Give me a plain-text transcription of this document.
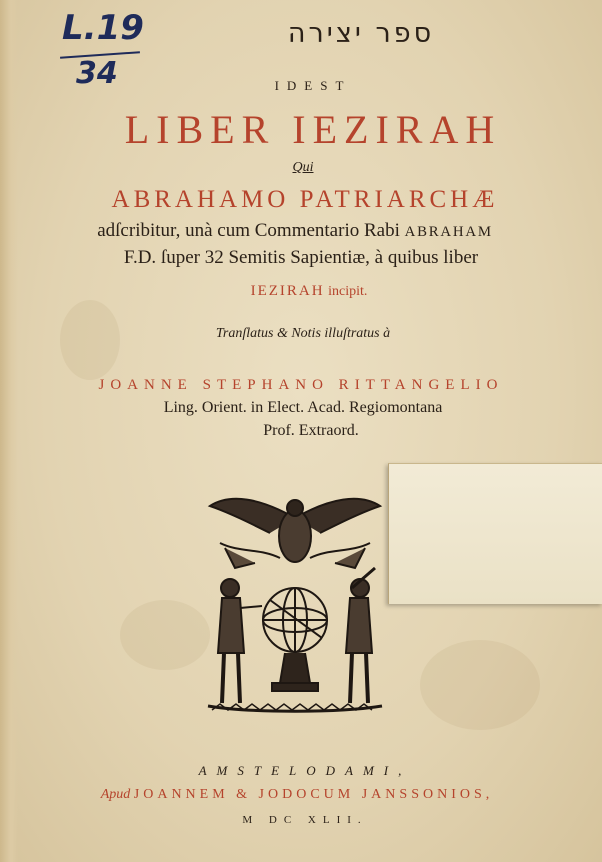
L.19
34
ספר יצירה
IDEST
LIBER IEZIRAH
Qui
ABRAHAMO PATRIARCHÆ
adſcribitur, unà cum Commentario Rabi ABRAHAM
F.D. ſuper 32 Semitis Sapientiæ, à quibus liber
IEZIRAH incipit.
Tranſlatus & Notis illuſtratus à
JOANNE STEPHANO RITTANGELIO
Ling. Orient. in Elect. Acad. Regiomontana
Prof. Extraord.
AMSTELODAMI,
Apud JOANNEM & JODOCUM JANSSONIOS,
M DC XLII.
